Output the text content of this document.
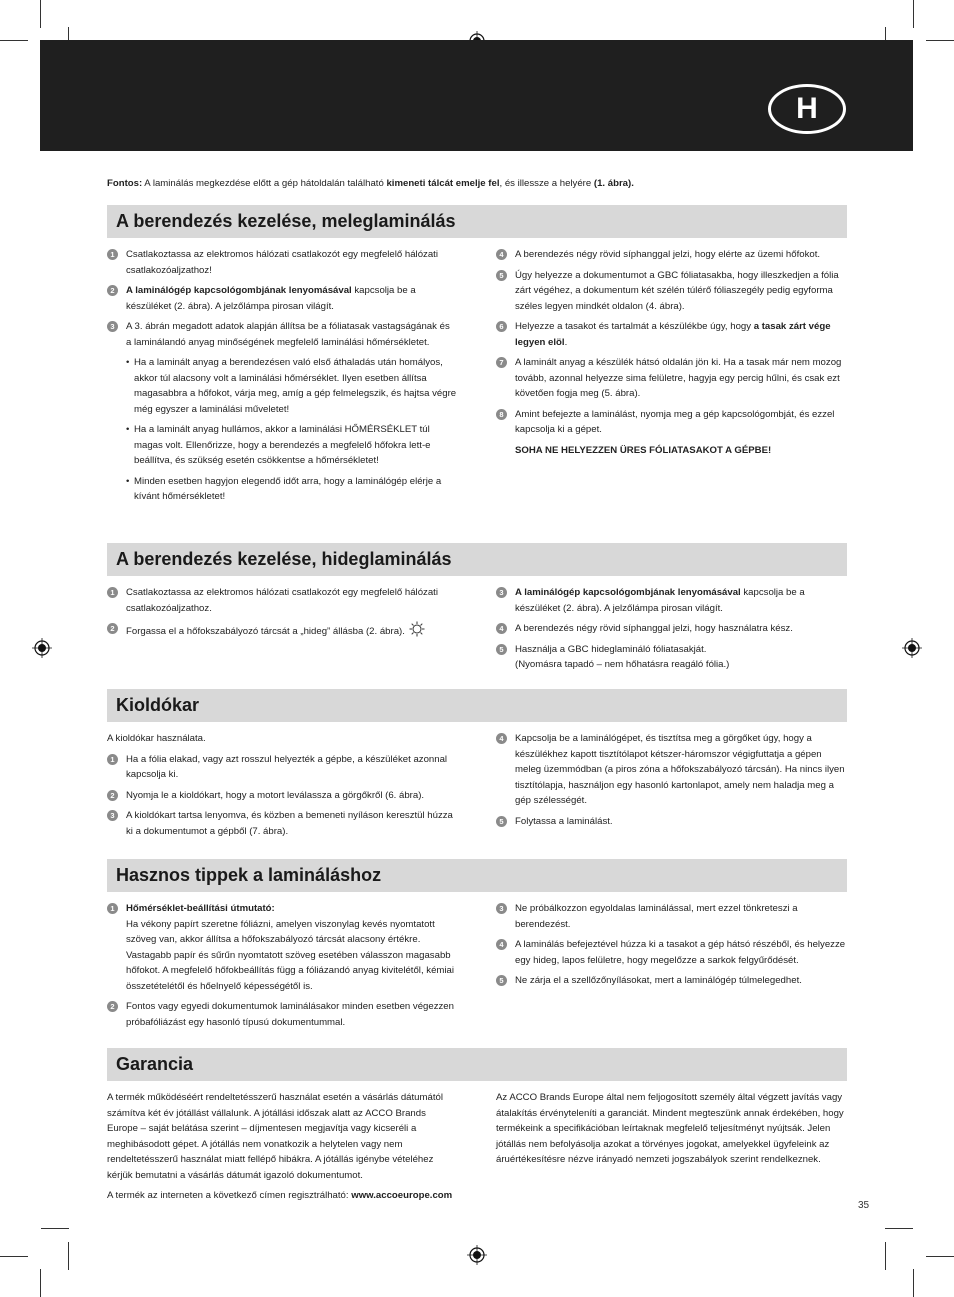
H
Fontos: A laminálás megkezdése előtt a gép hátoldalán található kimeneti tálcát emelje fel, és illessze a helyére (1. ábra).
A berendezés kezelése, meleglaminálás
1	Csatlakoztassa az elektromos hálózati csatlakozót egy megfelelő hálózati csatlakozóaljzathoz!
2	A laminálógép kapcsológombjának lenyomásával kapcsolja be a készüléket (2. ábra). A jelzőlámpa pirosan világít.
3	A 3. ábrán megadott adatok alapján állítsa be a fóliatasak vastagságának és a laminálandó anyag minőségének megfelelő laminálási hőmérsékletet.
• Ha a laminált anyag a berendezésen való első áthaladás után homályos, akkor túl alacsony volt a laminálási hőmérséklet. Ilyen esetben állítsa magasabbra a hőfokot, várja meg, amíg a gép felmelegszik, és hajtsa végre még egyszer a laminálási műveletet!
• Ha a laminált anyag hullámos, akkor a laminálási HŐMÉRSÉKLET túl magas volt. Ellenőrizze, hogy a berendezés a megfelelő hőfokra lett-e beállítva, és szükség esetén csökkentse a hőmérsékletet!
• Minden esetben hagyjon elegendő időt arra, hogy a laminálógép elérje a kívánt hőmérsékletet!
4	A berendezés négy rövid síphanggal jelzi, hogy elérte az üzemi hőfokot.
5	Úgy helyezze a dokumentumot a GBC fóliatasakba, hogy illeszkedjen a fólia zárt végéhez, a dokumentum két szélén túlérő fóliaszegély pedig egyforma széles legyen mindkét oldalon (4. ábra).
6	Helyezze a tasakot és tartalmát a készülékbe úgy, hogy a tasak zárt vége legyen elöl.
7	A laminált anyag a készülék hátsó oldalán jön ki. Ha a tasak már nem mozog tovább, azonnal helyezze sima felületre, hagyja egy percig hűlni, és csak ezt követően fogja meg (5. ábra).
8	Amint befejezte a laminálást, nyomja meg a gép kapcsológombját, és ezzel kapcsolja ki a gépet.
SOHA NE HELYEZZEN ÜRES FÓLIATASAKOT A GÉPBE!
A berendezés kezelése, hideglaminálás
1	Csatlakoztassa az elektromos hálózati csatlakozót egy megfelelő hálózati csatlakozóaljzathoz.
2	Forgassa el a hőfokszabályozó tárcsát a „hideg” állásba (2. ábra).
3	A laminálógép kapcsológombjának lenyomásával kapcsolja be a készüléket (2. ábra). A jelzőlámpa pirosan világít.
4	A berendezés négy rövid síphanggal jelzi, hogy használatra kész.
5	Használja a GBC hideglamináló fóliatasakját.
(Nyomásra tapadó – nem hőhatásra reagáló fólia.)
Kioldókar
A kioldókar használata.
1	Ha a fólia elakad, vagy azt rosszul helyezték a gépbe, a készüléket azonnal kapcsolja ki.
2	Nyomja le a kioldókart, hogy a motort leválassza a görgőkről (6. ábra).
3	A kioldókart tartsa lenyomva, és közben a bemeneti nyíláson keresztül húzza ki a dokumentumot a gépből (7. ábra).
4	Kapcsolja be a laminálógépet, és tisztítsa meg a görgőket úgy, hogy a készülékhez kapott tisztítólapot kétszer-háromszor végigfuttatja a gépen meleg üzemmódban (a piros zóna a hőfokszabályozó tárcsán). Ha nincs ilyen tisztítólapja, használjon egy hasonló kartonlapot, amely nem haladja meg a gép szélességét.
5	Folytassa a laminálást.
Hasznos tippek a lamináláshoz
1	Hőmérséklet-beállítási útmutató:
Ha vékony papírt szeretne fóliázni, amelyen viszonylag kevés nyomtatott szöveg van, akkor állítsa a hőfokszabályozó tárcsát alacsony értékre. Vastagabb papír és sűrűn nyomtatott szöveg esetében válasszon magasabb hőfokot. A megfelelő hőfokbeállítás függ a fóliázandó anyag kivitelétől, kémiai összetételétől és hőelnyelő képességétől is.
2	Fontos vagy egyedi dokumentumok laminálásakor minden esetben végezzen próbafóliázást egy hasonló típusú dokumentummal.
3	Ne próbálkozzon egyoldalas laminálással, mert ezzel tönkreteszi a berendezést.
4	A laminálás befejeztével húzza ki a tasakot a gép hátsó részéből, és helyezze egy hideg, lapos felületre, hogy megelőzze a sarkok felgyűrődését.
5	Ne zárja el a szellőzőnyílásokat, mert a laminálógép túlmelegedhet.
Garancia
A termék működéséért rendeltetésszerű használat esetén a vásárlás dátumától számítva két év jótállást vállalunk. A jótállási időszak alatt az ACCO Brands Europe – saját belátása szerint – díjmentesen megjavítja vagy kicseréli a meghibásodott gépet. A jótállás nem vonatkozik a helytelen vagy nem rendeltetésszerű használat miatt fellépő hibákra. A jótállás igénybe vételéhez kérjük bemutatni a vásárlás dátumát igazoló dokumentumot.
A termék az interneten a következő címen regisztrálható: www.accoeurope.com
Az ACCO Brands Europe által nem feljogosított személy által végzett javítás vagy átalakítás érvényteleníti a garanciát. Mindent megteszünk annak érdekében, hogy termékeink a specifikációban leírtaknak megfelelő teljesítményt nyújtsák. Jelen jótállás nem befolyásolja azokat a törvényes jogokat, amelyekkel ügyfeleink az áruértékesítésre nézve irányadó nemzeti jogszabályok szerint rendelkeznek.
35
